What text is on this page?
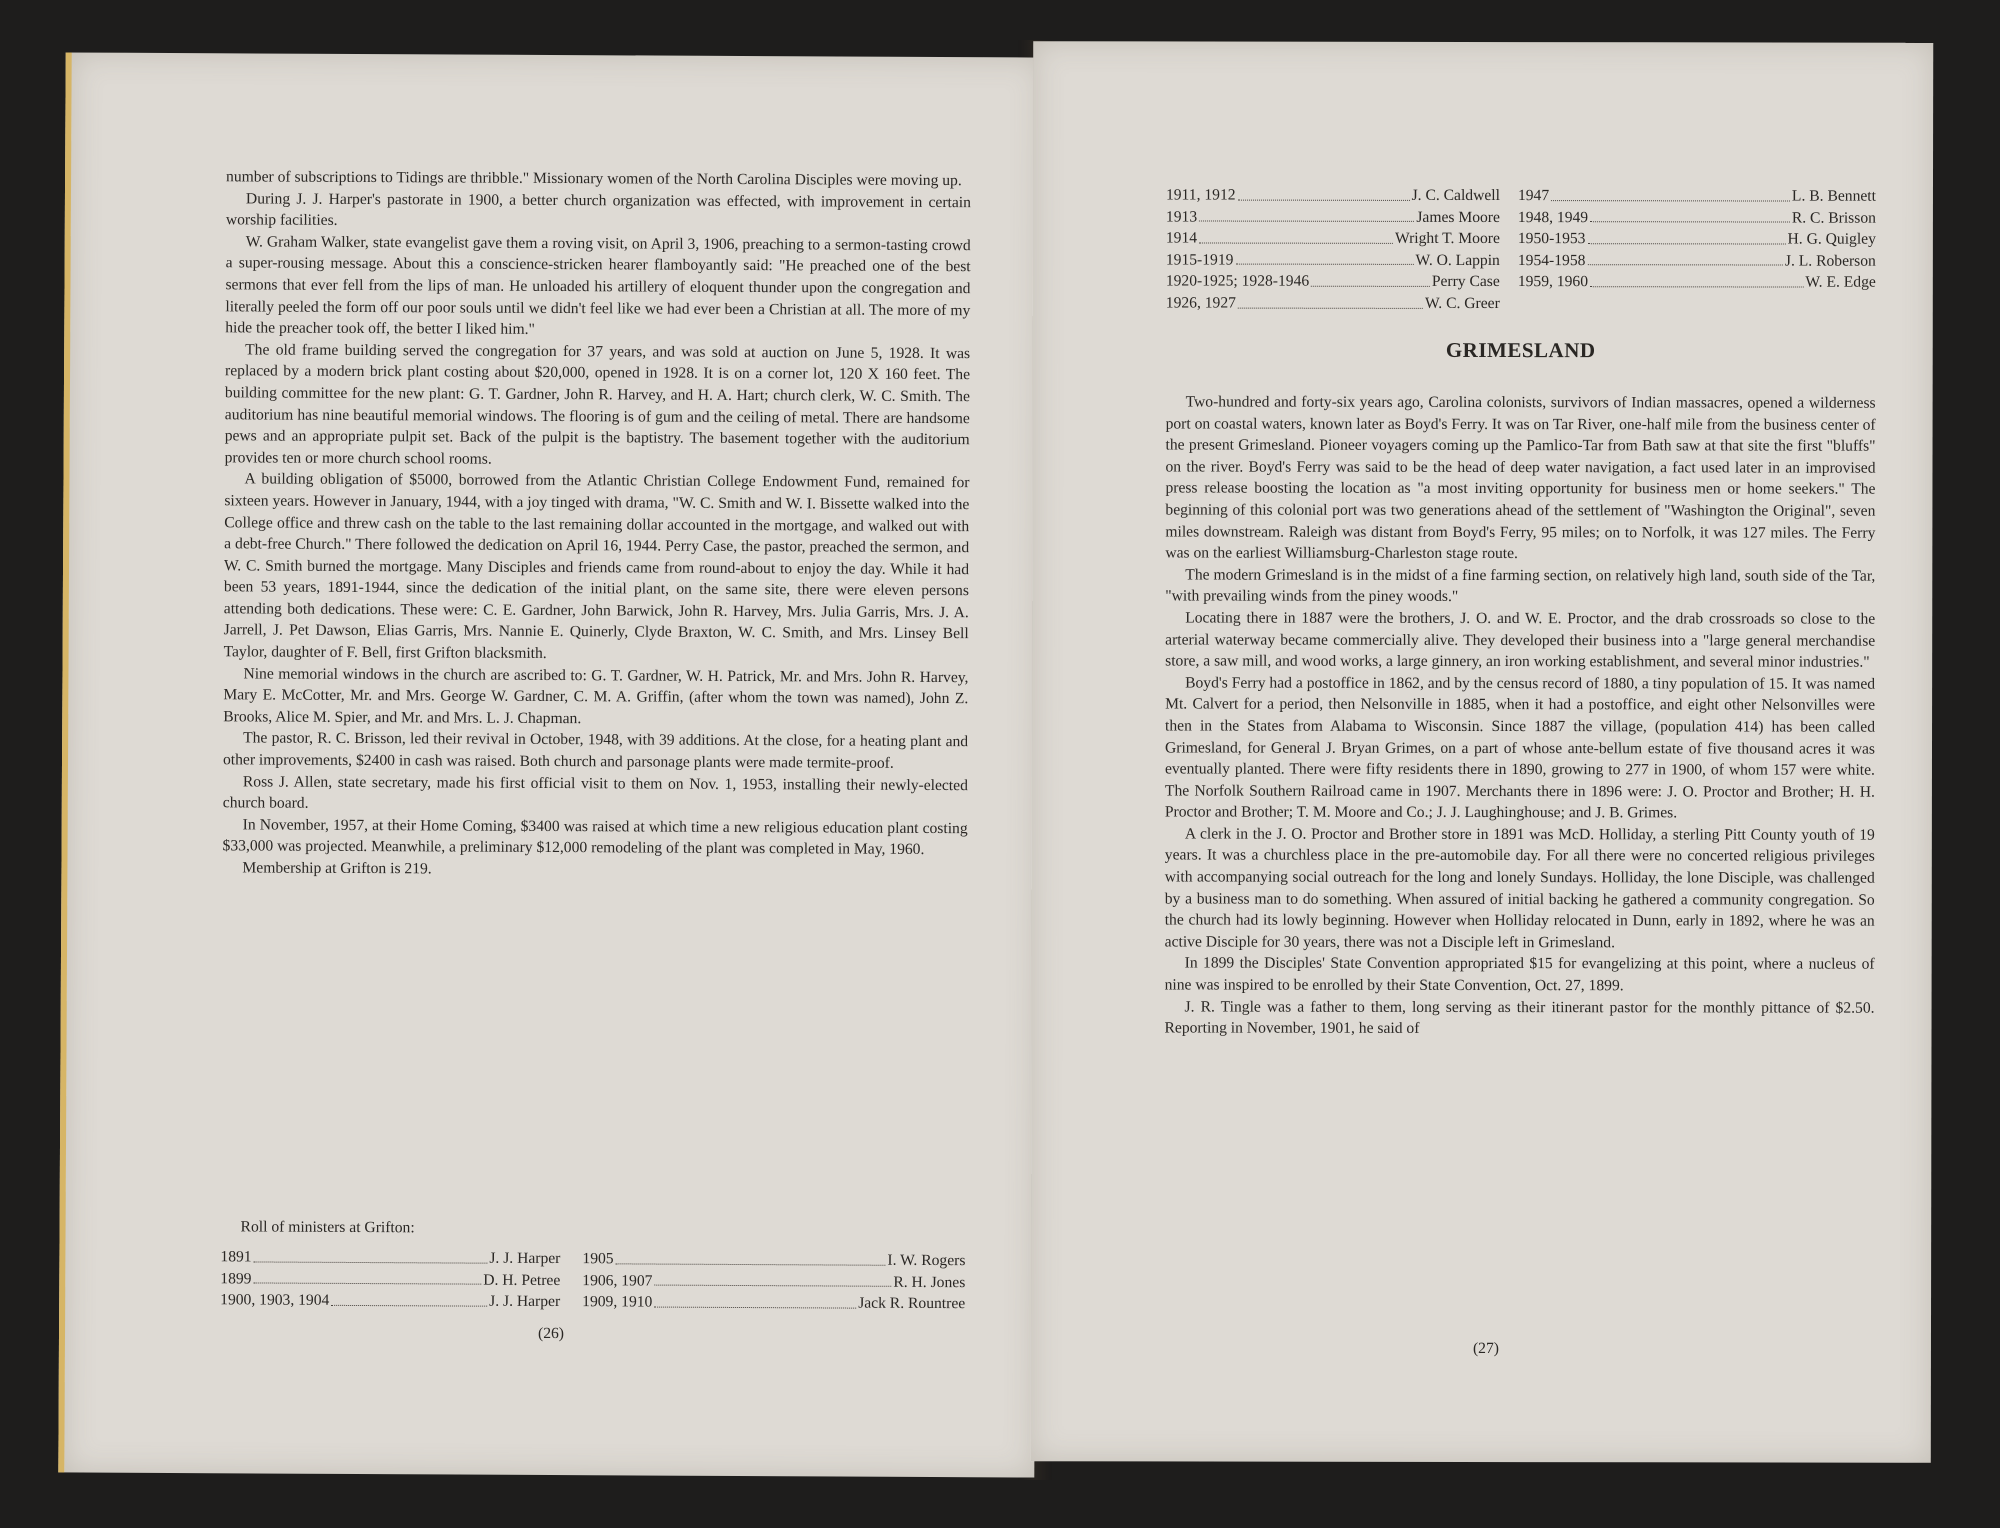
number of subscriptions to Tidings are thribble." Missionary women of the North Carolina Disciples were moving up.

During J. J. Harper's pastorate in 1900, a better church organization was effected, with improvement in certain worship facilities.

W. Graham Walker, state evangelist gave them a roving visit, on April 3, 1906, preaching to a sermon-tasting crowd a super-rousing message. About this a conscience-stricken hearer flamboyantly said: "He preached one of the best sermons that ever fell from the lips of man. He unloaded his artillery of eloquent thunder upon the congregation and literally peeled the form off our poor souls until we didn't feel like we had ever been a Christian at all. The more of my hide the preacher took off, the better I liked him."

The old frame building served the congregation for 37 years, and was sold at auction on June 5, 1928. It was replaced by a modern brick plant costing about $20,000, opened in 1928. It is on a corner lot, 120 X 160 feet. The building committee for the new plant: G. T. Gardner, John R. Harvey, and H. A. Hart; church clerk, W. C. Smith. The auditorium has nine beautiful memorial windows. The flooring is of gum and the ceiling of metal. There are handsome pews and an appropriate pulpit set. Back of the pulpit is the baptistry. The basement together with the auditorium provides ten or more church school rooms.

A building obligation of $5000, borrowed from the Atlantic Christian College Endowment Fund, remained for sixteen years. However in January, 1944, with a joy tinged with drama, "W. C. Smith and W. I. Bissette walked into the College office and threw cash on the table to the last remaining dollar accounted in the mortgage, and walked out with a debt-free Church." There followed the dedication on April 16, 1944. Perry Case, the pastor, preached the sermon, and W. C. Smith burned the mortgage. Many Disciples and friends came from round-about to enjoy the day. While it had been 53 years, 1891-1944, since the dedication of the initial plant, on the same site, there were eleven persons attending both dedications. These were: C. E. Gardner, John Barwick, John R. Harvey, Mrs. Julia Garris, Mrs. J. A. Jarrell, J. Pet Dawson, Elias Garris, Mrs. Nannie E. Quinerly, Clyde Braxton, W. C. Smith, and Mrs. Linsey Bell Taylor, daughter of F. Bell, first Grifton blacksmith.

Nine memorial windows in the church are ascribed to: G. T. Gardner, W. H. Patrick, Mr. and Mrs. John R. Harvey, Mary E. McCotter, Mr. and Mrs. George W. Gardner, C. M. A. Griffin, (after whom the town was named), John Z. Brooks, Alice M. Spier, and Mr. and Mrs. L. J. Chapman.

The pastor, R. C. Brisson, led their revival in October, 1948, with 39 additions. At the close, for a heating plant and other improvements, $2400 in cash was raised. Both church and parsonage plants were made termite-proof.

Ross J. Allen, state secretary, made his first official visit to them on Nov. 1, 1953, installing their newly-elected church board.

In November, 1957, at their Home Coming, $3400 was raised at which time a new religious education plant costing $33,000 was projected. Meanwhile, a preliminary $12,000 remodeling of the plant was completed in May, 1960.

Membership at Grifton is 219.

Roll of ministers at Grifton:
1891	J. J. Harper
1899	D. H. Petree
1900, 1903, 1904	J. J. Harper
1905	I. W. Rogers
1906, 1907	R. H. Jones
1909, 1910	Jack R. Rountree
(26)
1911, 1912	J. C. Caldwell
1913	James Moore
1914	Wright T. Moore
1915-1919	W. O. Lappin
1920-1925; 1928-1946	Perry Case
1926, 1927	W. C. Greer
1947	L. B. Bennett
1948, 1949	R. C. Brisson
1950-1953	H. G. Quigley
1954-1958	J. L. Roberson
1959, 1960	W. E. Edge
GRIMESLAND

Two-hundred and forty-six years ago, Carolina colonists, survivors of Indian massacres, opened a wilderness port on coastal waters, known later as Boyd's Ferry. It was on Tar River, one-half mile from the business center of the present Grimesland. Pioneer voyagers coming up the Pamlico-Tar from Bath saw at that site the first "bluffs" on the river. Boyd's Ferry was said to be the head of deep water navigation, a fact used later in an improvised press release boosting the location as "a most inviting opportunity for business men or home seekers." The beginning of this colonial port was two generations ahead of the settlement of "Washington the Original", seven miles downstream. Raleigh was distant from Boyd's Ferry, 95 miles; on to Norfolk, it was 127 miles. The Ferry was on the earliest Williamsburg-Charleston stage route.

The modern Grimesland is in the midst of a fine farming section, on relatively high land, south side of the Tar, "with prevailing winds from the piney woods."

Locating there in 1887 were the brothers, J. O. and W. E. Proctor, and the drab crossroads so close to the arterial waterway became commercially alive. They developed their business into a "large general merchandise store, a saw mill, and wood works, a large ginnery, an iron working establishment, and several minor industries."

Boyd's Ferry had a postoffice in 1862, and by the census record of 1880, a tiny population of 15. It was named Mt. Calvert for a period, then Nelsonville in 1885, when it had a postoffice, and eight other Nelsonvilles were then in the States from Alabama to Wisconsin. Since 1887 the village, (population 414) has been called Grimesland, for General J. Bryan Grimes, on a part of whose ante-bellum estate of five thousand acres it was eventually planted. There were fifty residents there in 1890, growing to 277 in 1900, of whom 157 were white. The Norfolk Southern Railroad came in 1907. Merchants there in 1896 were: J. O. Proctor and Brother; H. H. Proctor and Brother; T. M. Moore and Co.; J. J. Laughinghouse; and J. B. Grimes.

A clerk in the J. O. Proctor and Brother store in 1891 was McD. Holliday, a sterling Pitt County youth of 19 years. It was a churchless place in the pre-automobile day. For all there were no concerted religious privileges with accompanying social outreach for the long and lonely Sundays. Holliday, the lone Disciple, was challenged by a business man to do something. When assured of initial backing he gathered a community congregation. So the church had its lowly beginning. However when Holliday relocated in Dunn, early in 1892, where he was an active Disciple for 30 years, there was not a Disciple left in Grimesland.

In 1899 the Disciples' State Convention appropriated $15 for evangelizing at this point, where a nucleus of nine was inspired to be enrolled by their State Convention, Oct. 27, 1899.

J. R. Tingle was a father to them, long serving as their itinerant pastor for the monthly pittance of $2.50. Reporting in November, 1901, he said of

(27)
